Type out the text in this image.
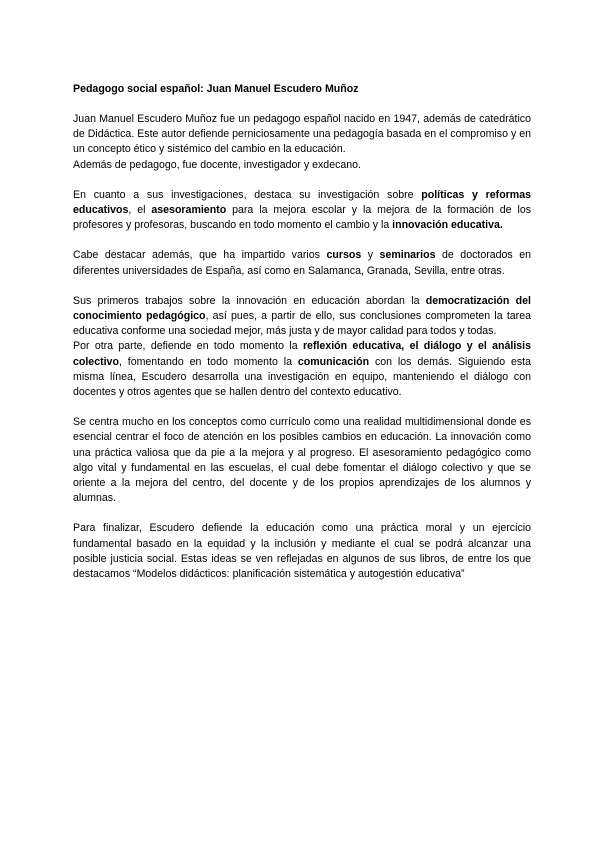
Pedagogo social español: Juan Manuel Escudero Muñoz
Juan Manuel Escudero Muñoz fue un pedagogo español nacido en 1947, además de catedrático de Didáctica. Este autor defiende perniciosamente una pedagogía basada en el compromiso y en un concepto ético y sistémico del cambio en la educación.
Además de pedagogo, fue docente, investigador y exdecano.
En cuanto a sus investigaciones, destaca su investigación sobre políticas y reformas educativos, el asesoramiento para la mejora escolar y la mejora de la formación de los profesores y profesoras, buscando en todo momento el cambio y la innovación educativa.
Cabe destacar además, que ha impartido varios cursos y seminarios de doctorados en diferentes universidades de España, así como en Salamanca, Granada, Sevilla, entre otras.
Sus primeros trabajos sobre la innovación en educación abordan la democratización del conocimiento pedagógico, así pues, a partir de ello, sus conclusiones comprometen la tarea educativa conforme una sociedad mejor, más justa y de mayor calidad para todos y todas.
Por otra parte, defiende en todo momento la reflexión educativa, el diálogo y el análisis colectivo, fomentando en todo momento la comunicación con los demás. Siguiendo esta misma línea, Escudero desarrolla una investigación en equipo, manteniendo el diálogo con docentes y otros agentes que se hallen dentro del contexto educativo.
Se centra mucho en los conceptos como currículo como una realidad multidimensional donde es esencial centrar el foco de atención en los posibles cambios en educación. La innovación como una práctica valiosa que da pie a la mejora y al progreso. El asesoramiento pedagógico como algo vital y fundamental en las escuelas, el cual debe fomentar el diálogo colectivo y que se oriente a la mejora del centro, del docente y de los propios aprendizajes de los alumnos y alumnas.
Para finalizar, Escudero defiende la educación como una práctica moral y un ejercicio fundamental basado en la equidad y la inclusión y mediante el cual se podrá alcanzar una posible justicia social. Estas ideas se ven reflejadas en algunos de sus libros, de entre los que destacamos “Modelos didácticos: planificación sistemática y autogestión educativa”
